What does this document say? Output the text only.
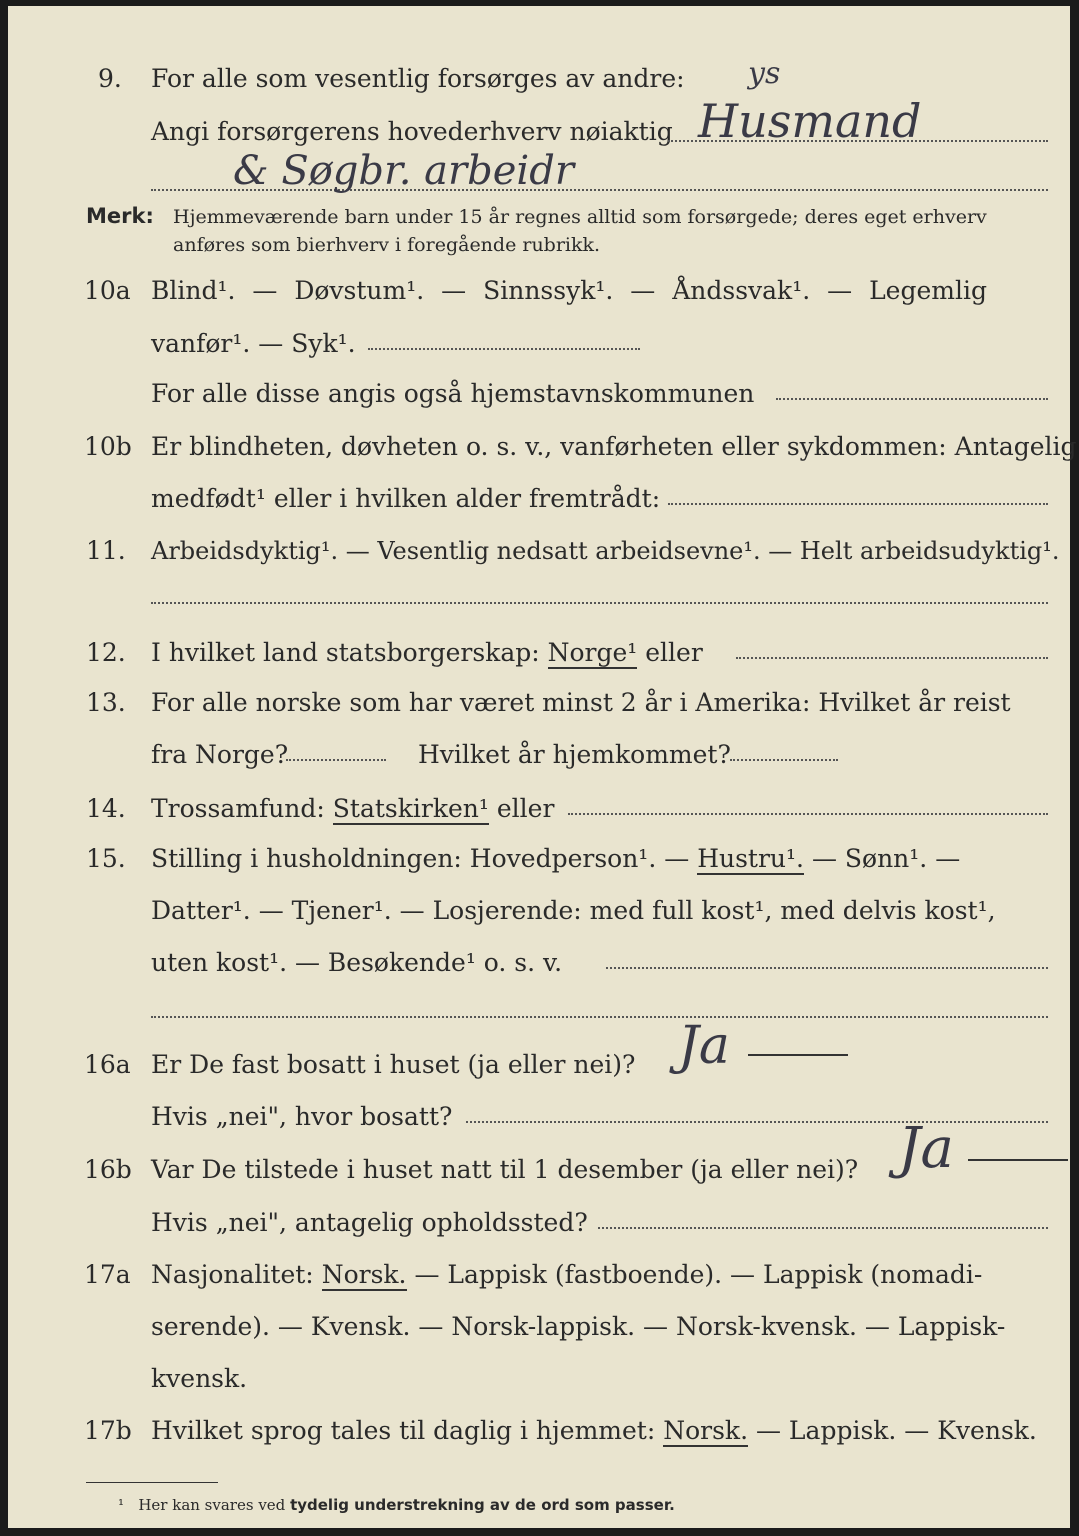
9. For alle som vesentlig forsørges av andre: ys
Angi forsørgerens hovederhverv nøiaktig Husmand
& Søgbr. arbeidr
Merk: Hjemmeværende barn under 15 år regnes alltid som forsørgede; deres eget erhverv
anføres som bierhverv i foregående rubrikk.
10a Blind¹. — Døvstum¹. — Sinnssyk¹. — Åndssvak¹. — Legemlig
vanfør¹. — Syk¹.
For alle disse angis også hjemstavnskommunen
10b Er blindheten, døvheten o. s. v., vanførheten eller sykdommen: Antagelig
medfødt¹ eller i hvilken alder fremtrådt:
11. Arbeidsdyktig¹. — Vesentlig nedsatt arbeidsevne¹. — Helt arbeidsudyktig¹.
12. I hvilket land statsborgerskap: Norge¹ eller
13. For alle norske som har været minst 2 år i Amerika: Hvilket år reist
fra Norge?	Hvilket år hjemkommet?
14. Trossamfund: Statskirken¹ eller
15. Stilling i husholdningen: Hovedperson¹. — Hustru¹. — Sønn¹. —
Datter¹. — Tjener¹. — Losjerende: med full kost¹, med delvis kost¹,
uten kost¹. — Besøkende¹ o. s. v.
16a Er De fast bosatt i huset (ja eller nei)? Ja
Hvis „nei", hvor bosatt?
16b Var De tilstede i huset natt til 1 desember (ja eller nei)? Ja
Hvis „nei", antagelig opholdssted?
17a Nasjonalitet: Norsk. — Lappisk (fastboende). — Lappisk (nomadi-
serende). — Kvensk. — Norsk-lappisk. — Norsk-kvensk. — Lappisk-
kvensk.
17b Hvilket sprog tales til daglig i hjemmet: Norsk. — Lappisk. — Kvensk.
¹ Her kan svares ved tydelig understrekning av de ord som passer.
